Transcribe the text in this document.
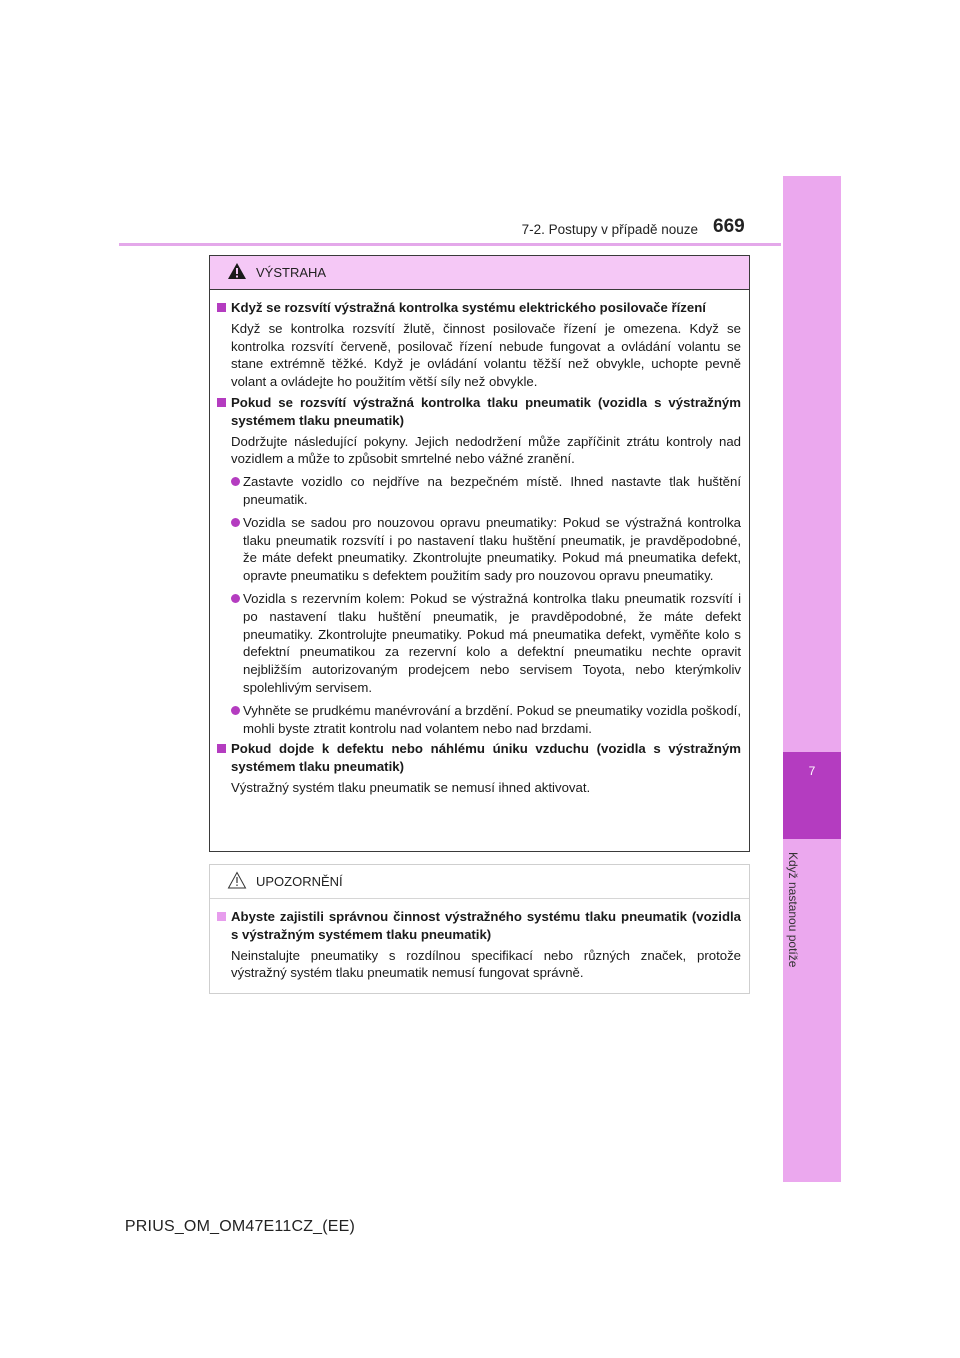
7-2. Postupy v případě nouze 669
7
Když nastanou potíže
VÝSTRAHA
Když se rozsvítí výstražná kontrolka systému elektrického posilovače řízení
Když se kontrolka rozsvítí žlutě, činnost posilovače řízení je omezena. Když se kontrolka rozsvítí červeně, posilovač řízení nebude fungovat a ovládání volantu se stane extrémně těžké. Když je ovládání volantu těžší než obvykle, uchopte pevně volant a ovládejte ho použitím větší síly než obvykle.
Pokud se rozsvítí výstražná kontrolka tlaku pneumatik (vozidla s výstražným systémem tlaku pneumatik)
Dodržujte následující pokyny. Jejich nedodržení může zapříčinit ztrátu kontroly nad vozidlem a může to způsobit smrtelné nebo vážné zranění.
Zastavte vozidlo co nejdříve na bezpečném místě. Ihned nastavte tlak huštění pneumatik.
Vozidla se sadou pro nouzovou opravu pneumatiky: Pokud se výstražná kontrolka tlaku pneumatik rozsvítí i po nastavení tlaku huštění pneumatik, je pravděpodobné, že máte defekt pneumatiky. Zkontrolujte pneumatiky. Pokud má pneumatika defekt, opravte pneumatiku s defektem použitím sady pro nouzovou opravu pneumatiky.
Vozidla s rezervním kolem: Pokud se výstražná kontrolka tlaku pneumatik rozsvítí i po nastavení tlaku huštění pneumatik, je pravděpodobné, že máte defekt pneumatiky. Zkontrolujte pneumatiky. Pokud má pneumatika defekt, vyměňte kolo s defektní pneumatikou za rezervní kolo a defektní pneumatiku nechte opravit nejbližším autorizovaným prodejcem nebo servisem Toyota, nebo kterýmkoliv spolehlivým servisem.
Vyhněte se prudkému manévrování a brzdění. Pokud se pneumatiky vozidla poškodí, mohli byste ztratit kontrolu nad volantem nebo nad brzdami.
Pokud dojde k defektu nebo náhlému úniku vzduchu (vozidla s výstražným systémem tlaku pneumatik)
Výstražný systém tlaku pneumatik se nemusí ihned aktivovat.
UPOZORNĚNÍ
Abyste zajistili správnou činnost výstražného systému tlaku pneumatik (vozidla s výstražným systémem tlaku pneumatik)
Neinstalujte pneumatiky s rozdílnou specifikací nebo různých značek, protože výstražný systém tlaku pneumatik nemusí fungovat správně.
PRIUS_OM_OM47E11CZ_(EE)
